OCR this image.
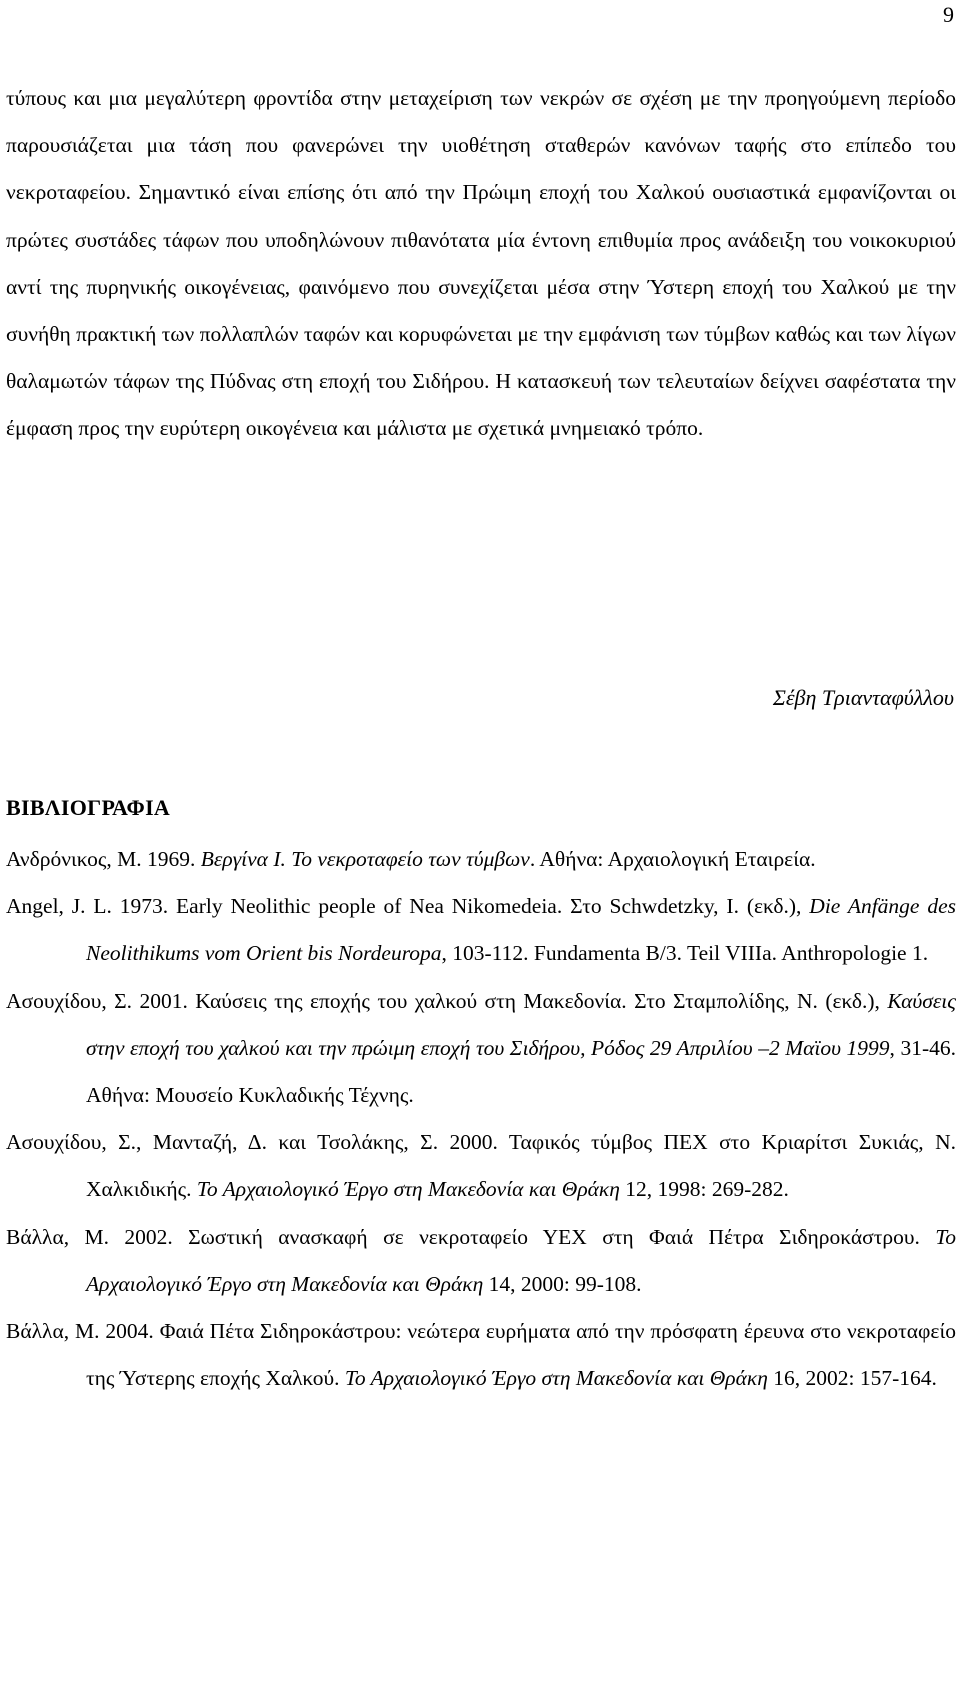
9

τύπους και μια μεγαλύτερη φροντίδα στην μεταχείριση των νεκρών σε σχέση με την προηγούμενη περίοδο παρουσιάζεται μια τάση που φανερώνει την υιοθέτηση σταθερών κανόνων ταφής στο επίπεδο του νεκροταφείου. Σημαντικό είναι επίσης ότι από την Πρώιμη εποχή του Χαλκού ουσιαστικά εμφανίζονται οι πρώτες συστάδες τάφων που υποδηλώνουν πιθανότατα μία έντονη επιθυμία προς ανάδειξη του νοικοκυριού αντί της πυρηνικής οικογένειας, φαινόμενο που συνεχίζεται μέσα στην Ύστερη εποχή του Χαλκού με την συνήθη πρακτική των πολλαπλών ταφών και κορυφώνεται με την εμφάνιση των τύμβων καθώς και των λίγων θαλαμωτών τάφων της Πύδνας στη εποχή του Σιδήρου. Η κατασκευή των τελευταίων δείχνει σαφέστατα την έμφαση προς την ευρύτερη οικογένεια και μάλιστα με σχετικά μνημειακό τρόπο.

Σέβη Τριανταφύλλου
ΒΙΒΛΙΟΓΡΑΦΙΑ
Ανδρόνικος, Μ. 1969. Βεργίνα Ι. Το νεκροταφείο των τύμβων. Αθήνα: Αρχαιολογική Εταιρεία.
Angel, J. L. 1973. Early Neolithic people of Nea Nikomedeia. Στο Schwdetzky, I. (εκδ.), Die Anfänge des Neolithikums vom Orient bis Nordeuropa, 103-112. Fundamenta B/3. Teil VIIIa. Anthropologie 1.
Ασουχίδου, Σ. 2001. Καύσεις της εποχής του χαλκού στη Μακεδονία. Στο Σταμπολίδης, Ν. (εκδ.), Καύσεις στην εποχή του χαλκού και την πρώιμη εποχή του Σιδήρου, Ρόδος 29 Απριλίου –2 Μαϊου 1999, 31-46. Αθήνα: Μουσείο Κυκλαδικής Τέχνης.
Ασουχίδου, Σ., Μανταζή, Δ. και Τσολάκης, Σ. 2000. Ταφικός τύμβος ΠΕΧ στο Κριαρίτσι Συκιάς, Ν. Χαλκιδικής. Το Αρχαιολογικό Έργο στη Μακεδονία και Θράκη 12, 1998: 269-282.
Βάλλα, Μ. 2002. Σωστική ανασκαφή σε νεκροταφείο ΥΕΧ στη Φαιά Πέτρα Σιδηροκάστρου. Το Αρχαιολογικό Έργο στη Μακεδονία και Θράκη 14, 2000: 99-108.
Βάλλα, Μ. 2004. Φαιά Πέτα Σιδηροκάστρου: νεώτερα ευρήματα από την πρόσφατη έρευνα στο νεκροταφείο της Ύστερης εποχής Χαλκού. Το Αρχαιολογικό Έργο στη Μακεδονία και Θράκη 16, 2002: 157-164.
